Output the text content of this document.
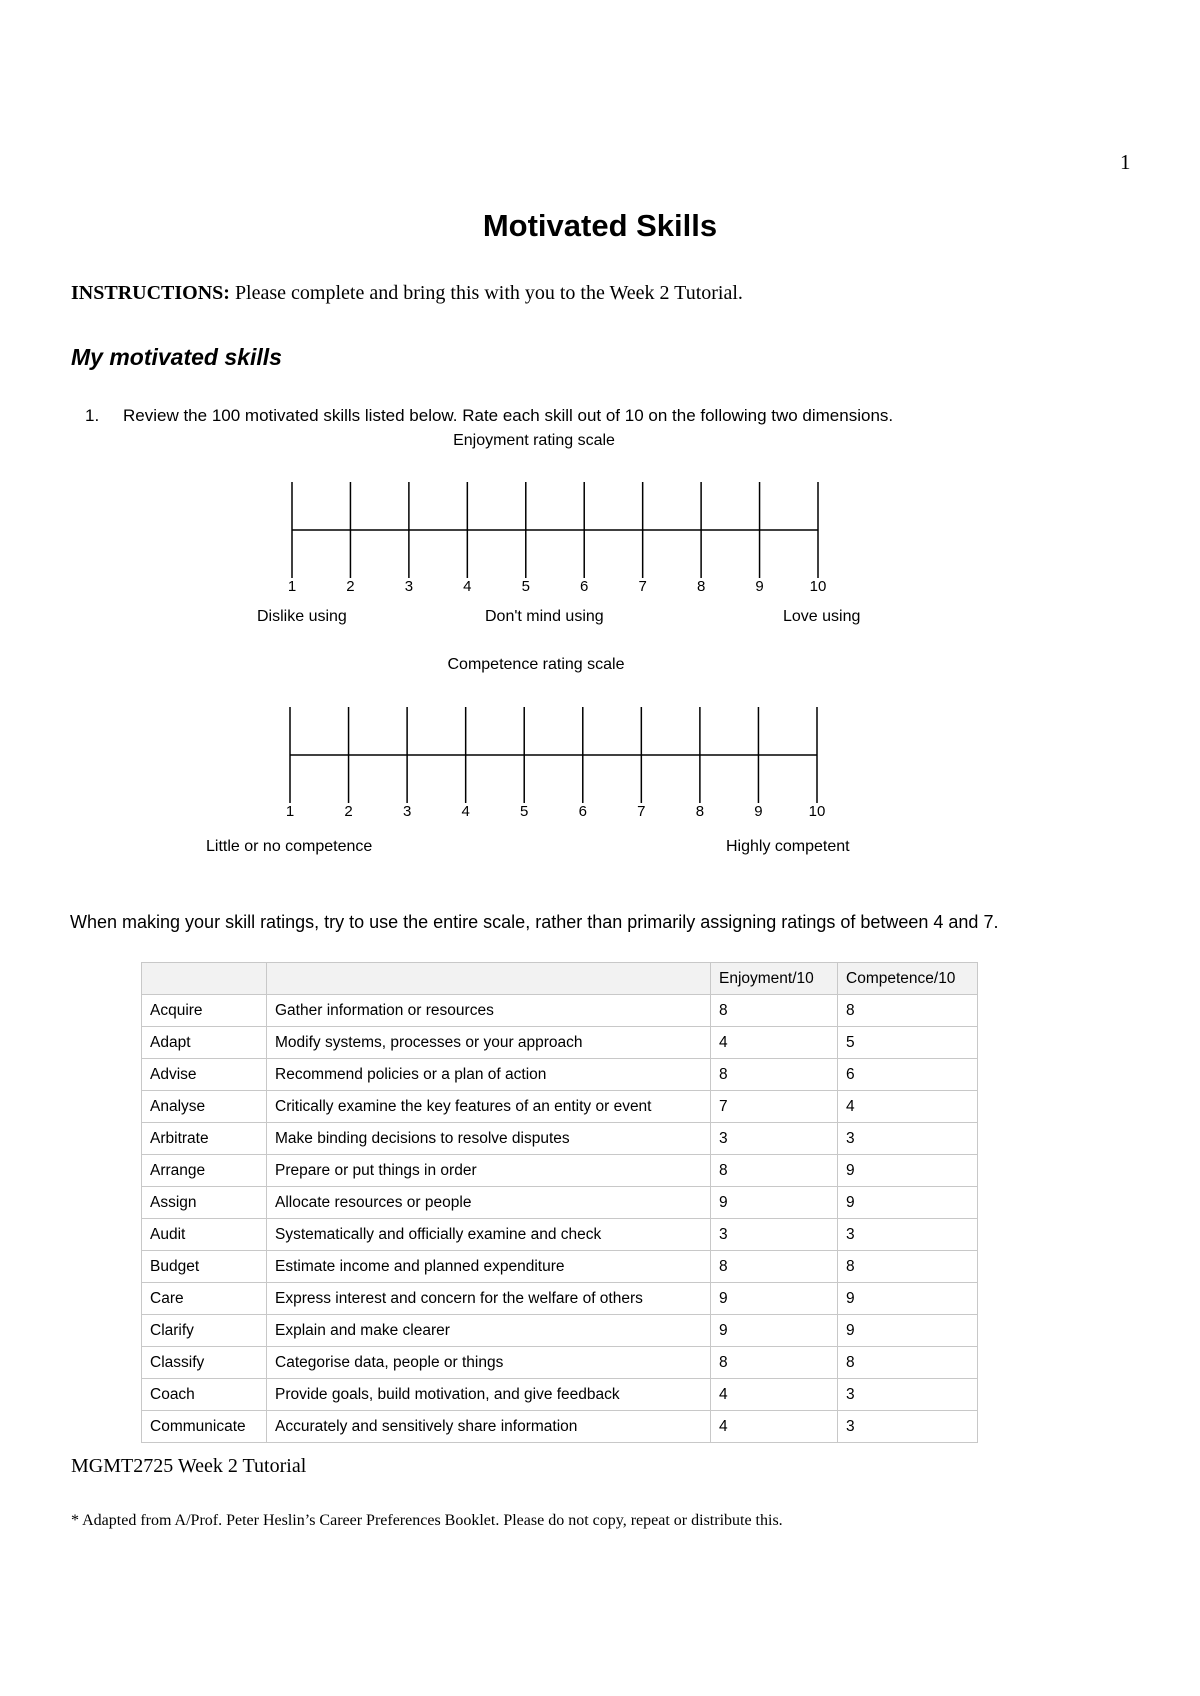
1
Motivated Skills
INSTRUCTIONS: Please complete and bring this with you to the Week 2 Tutorial.
My motivated skills
1. Review the 100 motivated skills listed below. Rate each skill out of 10 on the following two dimensions.
Enjoyment rating scale
1	2	3	4	5	6	7	8	9	10
Dislike using	Don't mind using	Love using
Competence rating scale
1	2	3	4	5	6	7	8	9	10
Little or no competence	Highly competent
When making your skill ratings, try to use the entire scale, rather than primarily assigning ratings of between 4 and 7.
		Enjoyment/10	Competence/10
Acquire	Gather information or resources	8	8
Adapt	Modify systems, processes or your approach	4	5
Advise	Recommend policies or a plan of action	8	6
Analyse	Critically examine the key features of an entity or event	7	4
Arbitrate	Make binding decisions to resolve disputes	3	3
Arrange	Prepare or put things in order	8	9
Assign	Allocate resources or people	9	9
Audit	Systematically and officially examine and check	3	3
Budget	Estimate income and planned expenditure	8	8
Care	Express interest and concern for the welfare of others	9	9
Clarify	Explain and make clearer	9	9
Classify	Categorise data, people or things	8	8
Coach	Provide goals, build motivation, and give feedback	4	3
Communicate	Accurately and sensitively share information	4	3
MGMT2725 Week 2 Tutorial
* Adapted from A/Prof. Peter Heslin’s Career Preferences Booklet. Please do not copy, repeat or distribute this.
